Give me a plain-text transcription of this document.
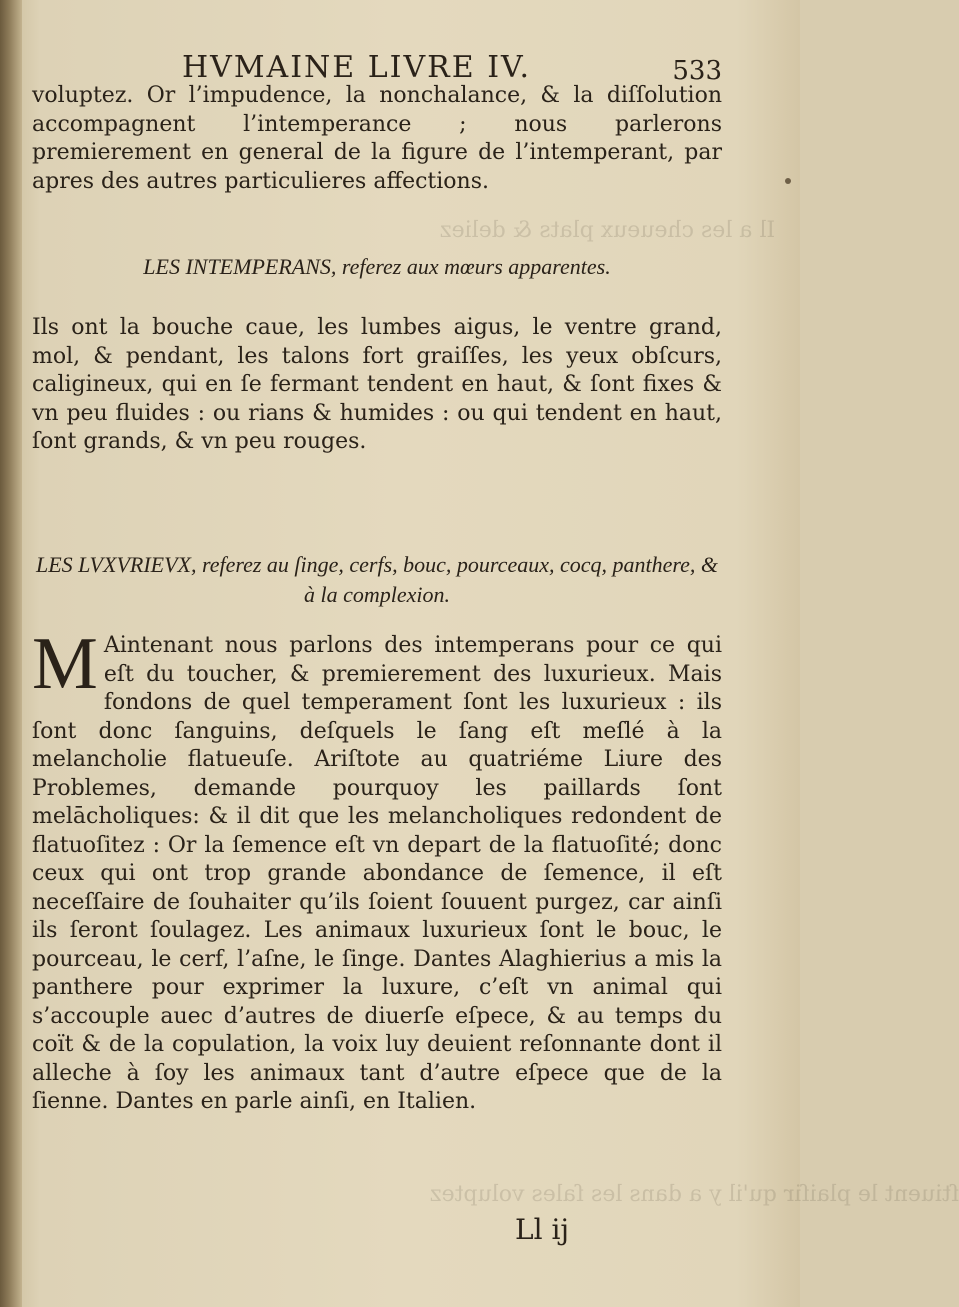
Il a les cheueux plats & deliez
ſtiuent le plaiſir qu'il y a dans les ſales voluptez
HVMAINE LIVRE IV.	533

voluptez. Or l’impudence, la nonchalance, & la diſſolution accompagnent l’intemperance ; nous parlerons premierement en general de la figure de l’intemperant, par apres des autres particulieres affections.

LES INTEMPERANS, referez aux mœurs apparentes.

Ils ont la bouche caue, les lumbes aigus, le ventre grand, mol, & pendant, les talons fort graiſſes, les yeux obſcurs, caligineux, qui en ſe fermant tendent en haut, & ſont fixes & vn peu fluides : ou rians & humides : ou qui tendent en haut, ſont grands, & vn peu rouges.

LES LVXVRIEVX, referez au ſinge, cerfs, bouc, pourceaux, cocq, panthere, & à la complexion.

M Aintenant nous parlons des intemperans pour ce qui eſt du toucher, & premierement des luxurieux. Mais fondons de quel temperament ſont les luxurieux : ils ſont donc ſanguins, deſquels le ſang eſt meſlé à la melancholie flatueuſe. Ariſtote au quatriéme Liure des Problemes, demande pourquoy les paillards ſont melācholiques: & il dit que les melancholiques redondent de flatuoſitez : Or la ſemence eſt vn depart de la flatuoſité; donc ceux qui ont trop grande abondance de ſemence, il eſt neceſſaire de ſouhaiter qu’ils ſoient ſouuent purgez, car ainſi ils ſeront ſoulagez. Les animaux luxurieux ſont le bouc, le pourceau, le cerf, l’aſne, le ſinge. Dantes Alaghierius a mis la panthere pour exprimer la luxure, c’eſt vn animal qui s’accouple auec d’autres de diuerſe eſpece, & au temps du coït & de la copulation, la voix luy deuient reſonnante dont il alleche à ſoy les animaux tant d’autre eſpece que de la ſienne. Dantes en parle ainſi, en Italien.

Ll ij
